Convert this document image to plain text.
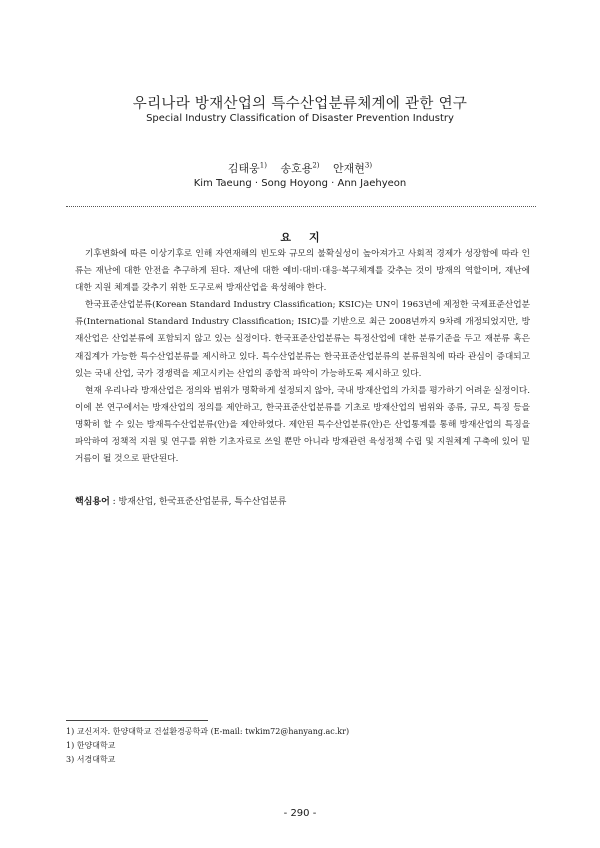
우리나라 방재산업의 특수산업분류체계에 관한 연구
Special Industry Classification of Disaster Prevention Industry
김태웅$^{1)}$ 송호용$^{2)}$ 안재현$^{3)}$
Kim Taeung · Song Hoyong · Ann Jaehyeon
요지

기후변화에 따른 이상기후로 인해 자연재해의 빈도와 규모의 불확실성이 높아져가고 사회적 경제가 성장함에 따라 인류는 재난에 대한 안전을 추구하게 된다. 재난에 대한 예비·대비·대응·복구체계를 갖추는 것이 방재의 역할이며, 재난에 대한 지원 체계를 갖추기 위한 도구로써 방재산업을 육성해야 한다.

한국표준산업분류(Korean Standard Industry Classification; KSIC)는 UN이 1963년에 제정한 국제표준산업분류(International Standard Industry Classification; ISIC)를 기반으로 최근 2008년까지 9차례 개정되었지만, 방재산업은 산업분류에 포함되지 않고 있는 실정이다. 한국표준산업분류는 특정산업에 대한 분류기준을 두고 재분류 혹은 재집계가 가능한 특수산업분류를 제시하고 있다. 특수산업분류는 한국표준산업분류의 분류원칙에 따라 관심이 증대되고 있는 국내 산업, 국가 경쟁력을 제고시키는 산업의 종합적 파악이 가능하도록 제시하고 있다.

현재 우리나라 방재산업은 정의와 범위가 명확하게 설정되지 않아, 국내 방재산업의 가치를 평가하기 어려운 실정이다. 이에 본 연구에서는 방재산업의 정의를 제안하고, 한국표준산업분류를 기초로 방재산업의 범위와 종류, 규모, 특징 등을 명확히 할 수 있는 방재특수산업분류(안)을 제안하였다. 제안된 특수산업분류(안)은 산업통계를 통해 방재산업의 특징을 파악하여 정책적 지원 및 연구를 위한 기초자료로 쓰일 뿐만 아니라 방재관련 육성정책 수립 및 지원체계 구축에 있어 밑거름이 될 것으로 판단된다.

핵심용어 : 방재산업, 한국표준산업분류, 특수산업분류
1) 교신저자. 한양대학교 건설환경공학과 (E-mail: twkim72@hanyang.ac.kr)
1) 한양대학교
3) 서경대학교
- 290 -
